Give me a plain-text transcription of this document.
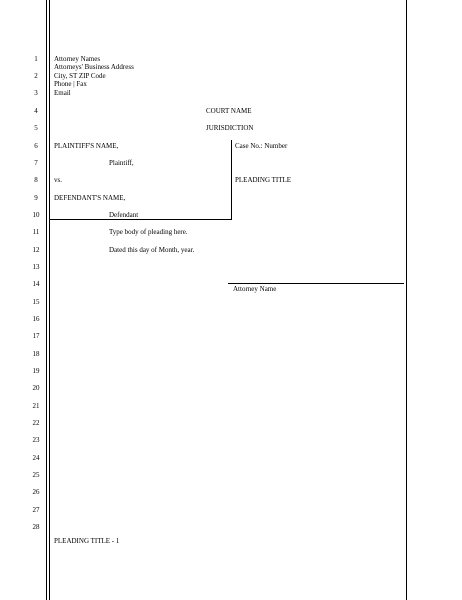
1
2
3
4
5
6
7
8
9
10
11
12
13
14
15
16
17
18
19
20
21
22
23
24
25
26
27
28
Attorney Names
Attorneys' Business Address
City, ST ZIP Code
Phone | Fax
Email
COURT NAME
JURISDICTION
PLAINTIFF'S NAME,
Plaintiff,
vs.
DEFENDANT'S NAME,
Defendant
Case No.: Number
PLEADING TITLE
Type body of pleading here.
Dated this day of Month, year.
Attorney Name
PLEADING TITLE - 1
